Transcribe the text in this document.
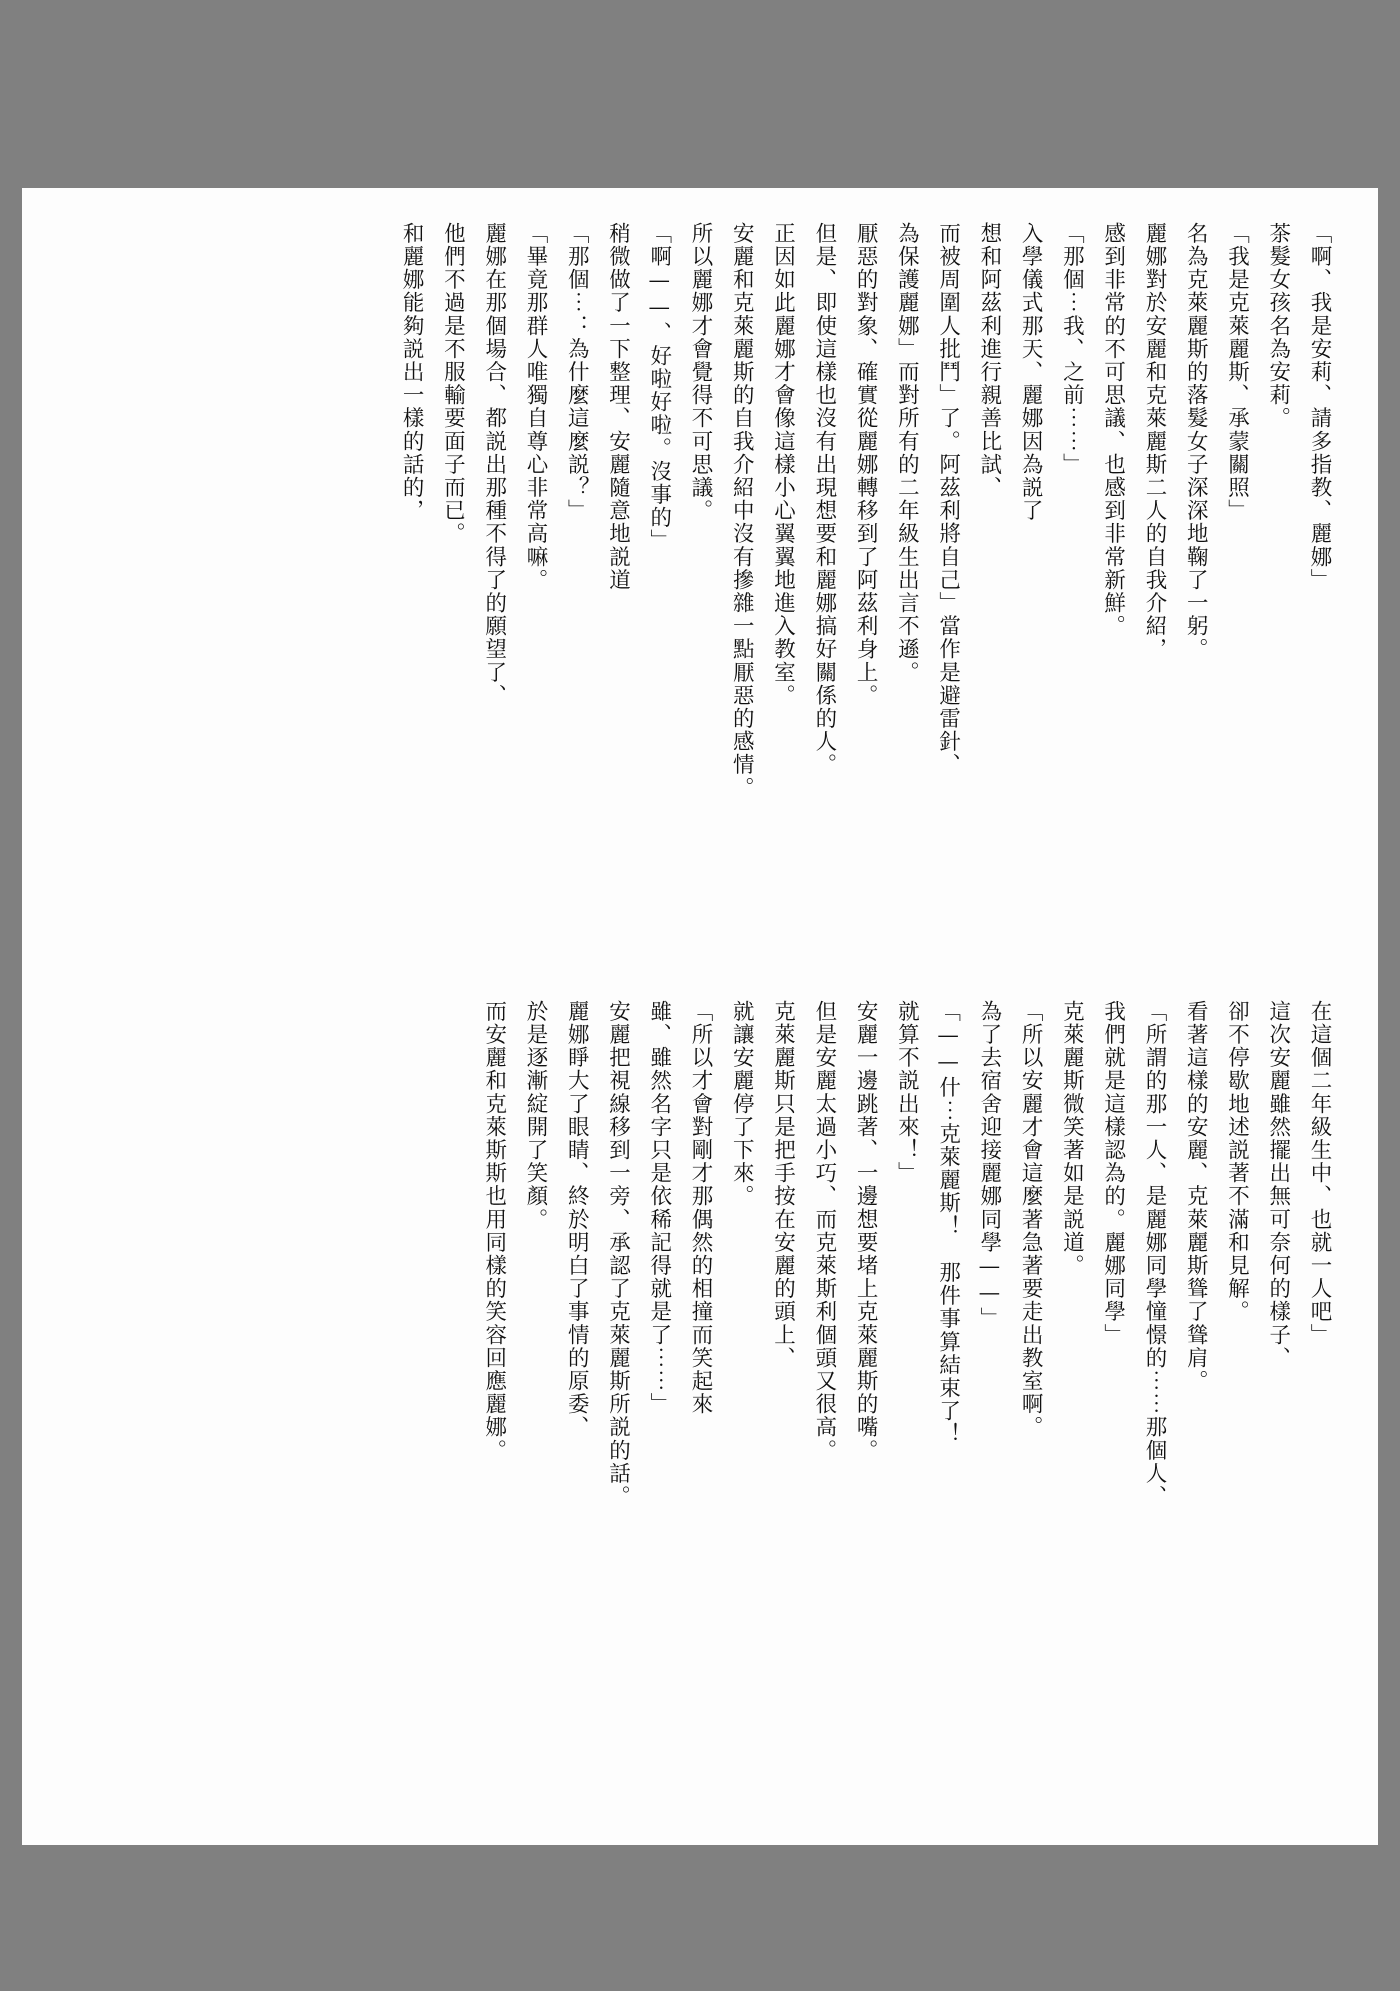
「啊、我是安莉、請多指教、麗娜」

茶髮女孩名為安莉。

「我是克萊麗斯、承蒙關照」

名為克萊麗斯的落髮女子深深地鞠了一躬。

麗娜對於安麗和克萊麗斯二人的自我介紹，

感到非常的不可思議、也感到非常新鮮。

「那個⋯我、之前⋯⋯」

入學儀式那天、麗娜因為説了

想和阿茲利進行親善比試、

而被周圍人批鬥」了。阿茲利將自己」當作是避雷針、

為保護麗娜」而對所有的二年級生出言不遜。

厭惡的對象、確實從麗娜轉移到了阿茲利身上。

但是、即使這樣也沒有出現想要和麗娜搞好關係的人。

正因如此麗娜才會像這樣小心翼翼地進入教室。

安麗和克萊麗斯的自我介紹中沒有摻雜一點厭惡的感情。

所以麗娜才會覺得不可思議。

「啊——、好啦好啦。沒事的」

稍微做了一下整理、安麗隨意地説道

「那個⋯：為什麼這麼説？」

「畢竟那群人唯獨自尊心非常高嘛。

麗娜在那個場合、都説出那種不得了的願望了、

他們不過是不服輸要面子而已。

和麗娜能夠説出一樣的話的，

在這個二年級生中、也就一人吧」

這次安麗雖然擺出無可奈何的樣子、

卻不停歇地述説著不滿和見解。

看著這樣的安麗、克萊麗斯聳了聳肩。

「所謂的那一人、是麗娜同學憧憬的⋯⋯那個人、

我們就是這樣認為的。麗娜同學」

克萊麗斯微笑著如是説道。

「所以安麗才會這麼著急著要走出教室啊。

為了去宿舍迎接麗娜同學——」

「——什⋯克萊麗斯！　那件事算結束了！

就算不説出來！」

安麗一邊跳著、一邊想要堵上克萊麗斯的嘴。

但是安麗太過小巧、而克萊斯利個頭又很高。

克萊麗斯只是把手按在安麗的頭上、

就讓安麗停了下來。

「所以才會對剛才那偶然的相撞而笑起來

雖、雖然名字只是依稀記得就是了⋯⋯」

安麗把視線移到一旁、承認了克萊麗斯所説的話。

麗娜睜大了眼睛、終於明白了事情的原委、

於是逐漸綻開了笑顏。

而安麗和克萊斯斯也用同樣的笑容回應麗娜。
